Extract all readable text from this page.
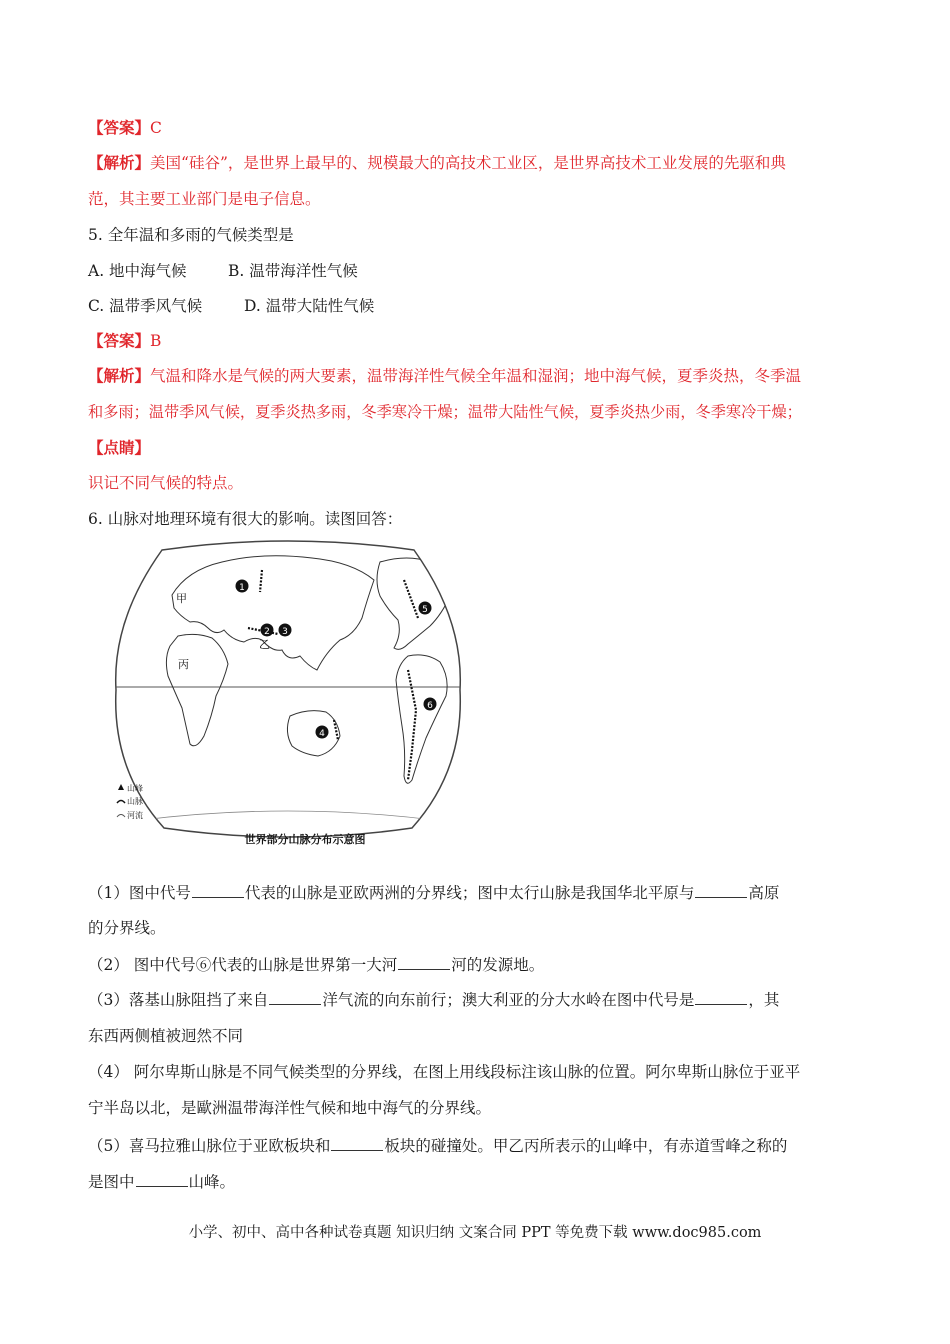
【答案】C
【解析】美国“硅谷”，是世界上最早的、规模最大的高技术工业区，是世界高技术工业发展的先驱和典
范，其主要工业部门是电子信息。
5. 全年温和多雨的气候类型是
A. 地中海气候	B. 温带海洋性气候
C. 温带季风气候	D. 温带大陆性气候
【答案】B
【解析】气温和降水是气候的两大要素，温带海洋性气候全年温和湿润；地中海气候，夏季炎热，冬季温
和多雨；温带季风气候，夏季炎热多雨，冬季寒冷干燥；温带大陆性气候，夏季炎热少雨，冬季寒冷干燥；
【点睛】
识记不同气候的特点。
6. 山脉对地理环境有很大的影响。读图回答：
1
2 3
4
5
6
甲
乙
丙
山峰
山脉
河流
世界部分山脉分布示意图
（1）图中代号	代表的山脉是亚欧两洲的分界线；图中太行山脉是我国华北平原与	高原
的分界线。
（2） 图中代号⑥代表的山脉是世界第一大河	河的发源地。
（3）落基山脉阻挡了来自	洋气流的向东前行；澳大利亚的分大水岭在图中代号是	，其
东西两侧植被迥然不同
（4） 阿尔卑斯山脉是不同气候类型的分界线，在图上用线段标注该山脉的位置。阿尔卑斯山脉位于亚平
宁半岛以北，是歐洲温带海洋性气候和地中海气的分界线。
（5）喜马拉雅山脉位于亚欧板块和	板块的碰撞处。甲乙丙所表示的山峰中，有赤道雪峰之称的
是图中	山峰。
小学、初中、高中各种试卷真题 知识归纳 文案合同 PPT 等免费下载 www.doc985.com
